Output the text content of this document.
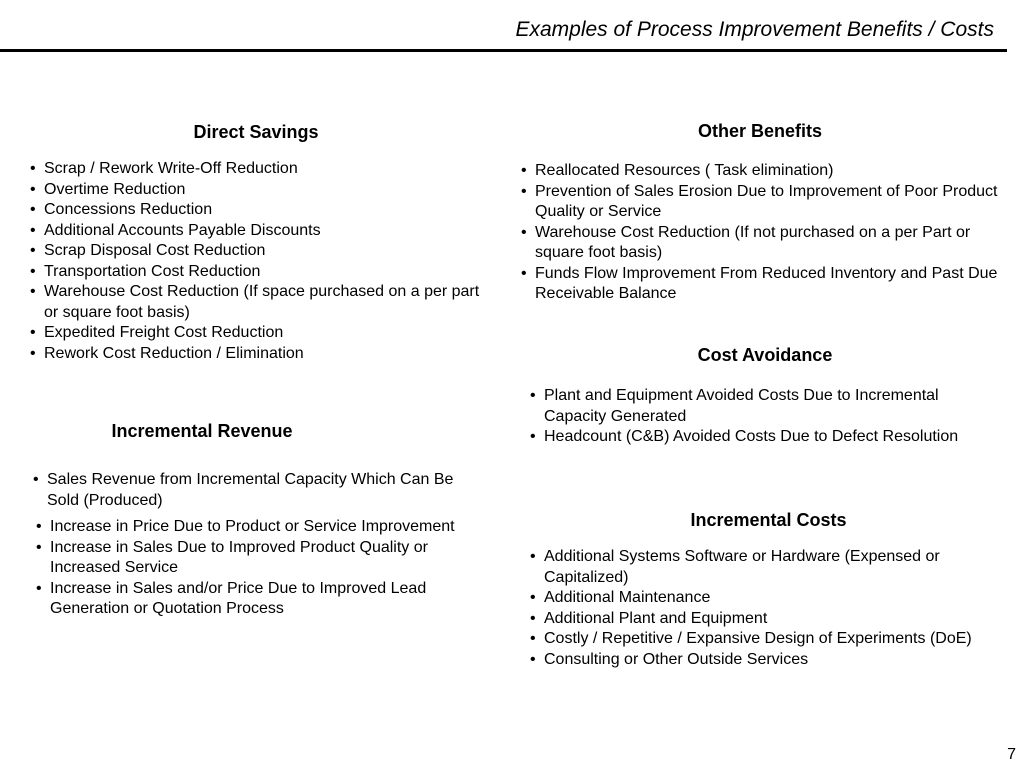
Examples of Process Improvement Benefits / Costs
Direct Savings
• Scrap / Rework Write-Off Reduction
• Overtime Reduction
• Concessions Reduction
• Additional Accounts Payable Discounts
• Scrap Disposal Cost Reduction
• Transportation Cost Reduction
• Warehouse Cost Reduction (If space purchased on a per part or square foot basis)
• Expedited Freight Cost Reduction
• Rework Cost Reduction / Elimination
Incremental Revenue
• Sales Revenue from Incremental Capacity Which Can Be Sold (Produced)
• Increase in Price Due to Product or Service Improvement
• Increase in Sales Due to Improved Product Quality or Increased Service
• Increase in Sales and/or Price Due to Improved Lead Generation or Quotation Process
Other Benefits
• Reallocated Resources ( Task elimination)
• Prevention of Sales Erosion Due to Improvement of Poor Product Quality or Service
• Warehouse Cost Reduction (If not purchased on a per Part or square foot basis)
• Funds Flow Improvement From Reduced Inventory and Past Due Receivable Balance
Cost Avoidance
• Plant and Equipment Avoided Costs Due to Incremental Capacity Generated
• Headcount (C&B) Avoided Costs Due to Defect Resolution
Incremental Costs
• Additional Systems Software or Hardware (Expensed or Capitalized)
• Additional Maintenance
• Additional Plant and Equipment
• Costly / Repetitive / Expansive Design of Experiments (DoE)
• Consulting or Other Outside Services
7
